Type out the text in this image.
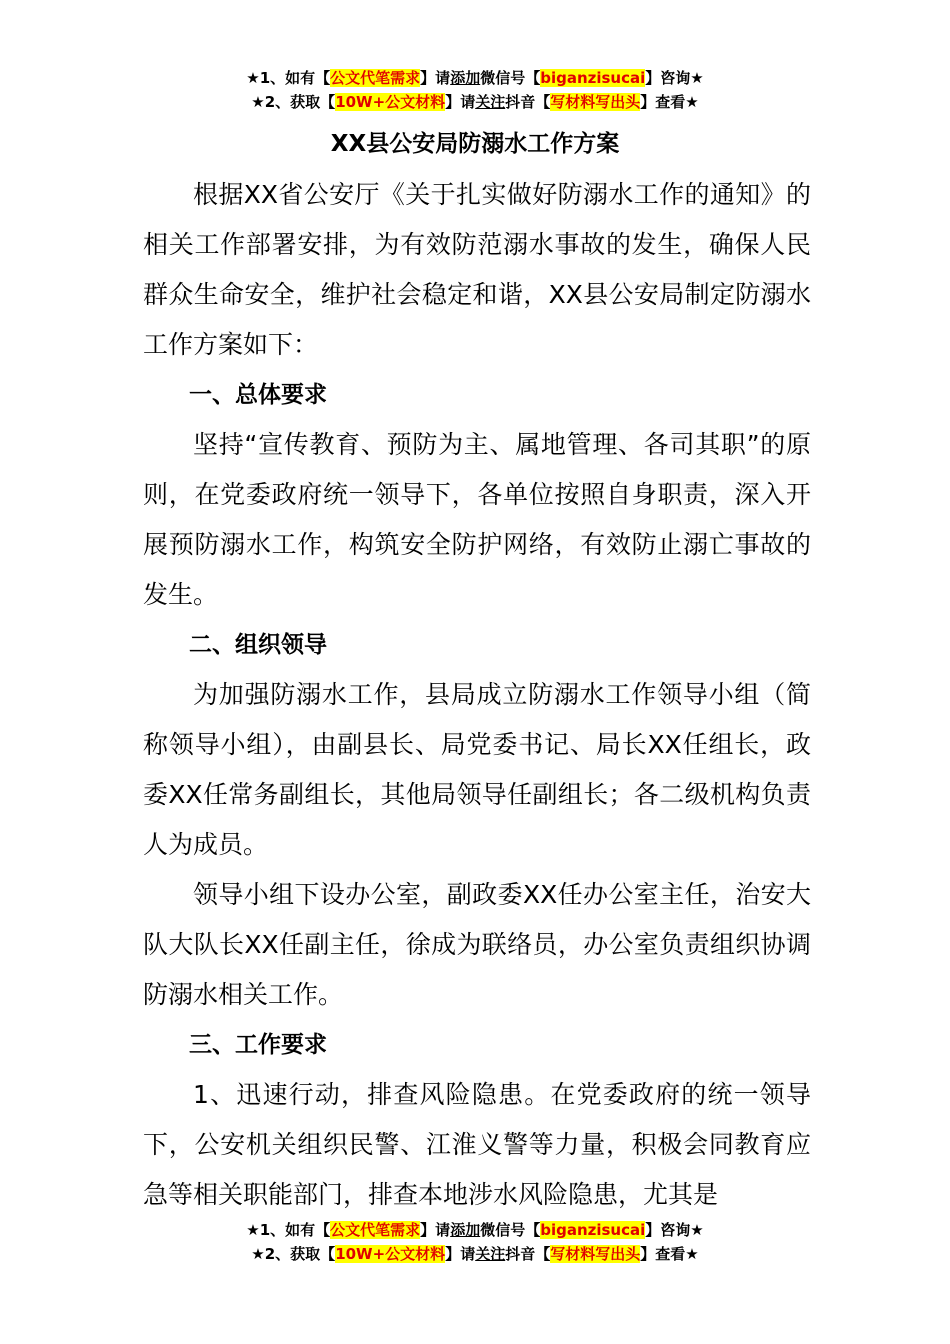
★1、如有【公文代笔需求】请添加微信号【biganzisucai】咨询★
★2、获取【10W+公文材料】请关注抖音【写材料写出头】查看★
XX县公安局防溺水工作方案

根据XX省公安厅《关于扎实做好防溺水工作的通知》的相关工作部署安排，为有效防范溺水事故的发生，确保人民群众生命安全，维护社会稳定和谐，XX县公安局制定防溺水工作方案如下：

一、总体要求

坚持“宣传教育、预防为主、属地管理、各司其职”的原则，在党委政府统一领导下，各单位按照自身职责，深入开展预防溺水工作，构筑安全防护网络，有效防止溺亡事故的发生。

二、组织领导

为加强防溺水工作，县局成立防溺水工作领导小组（简称领导小组），由副县长、局党委书记、局长XX任组长，政委XX任常务副组长，其他局领导任副组长；各二级机构负责人为成员。

领导小组下设办公室，副政委XX任办公室主任，治安大队大队长XX任副主任，徐成为联络员，办公室负责组织协调防溺水相关工作。

三、工作要求

1、迅速行动，排查风险隐患。在党委政府的统一领导下，公安机关组织民警、江淮义警等力量，积极会同教育应急等相关职能部门，排查本地涉水风险隐患，尤其是

★1、如有【公文代笔需求】请添加微信号【biganzisucai】咨询★
★2、获取【10W+公文材料】请关注抖音【写材料写出头】查看★
